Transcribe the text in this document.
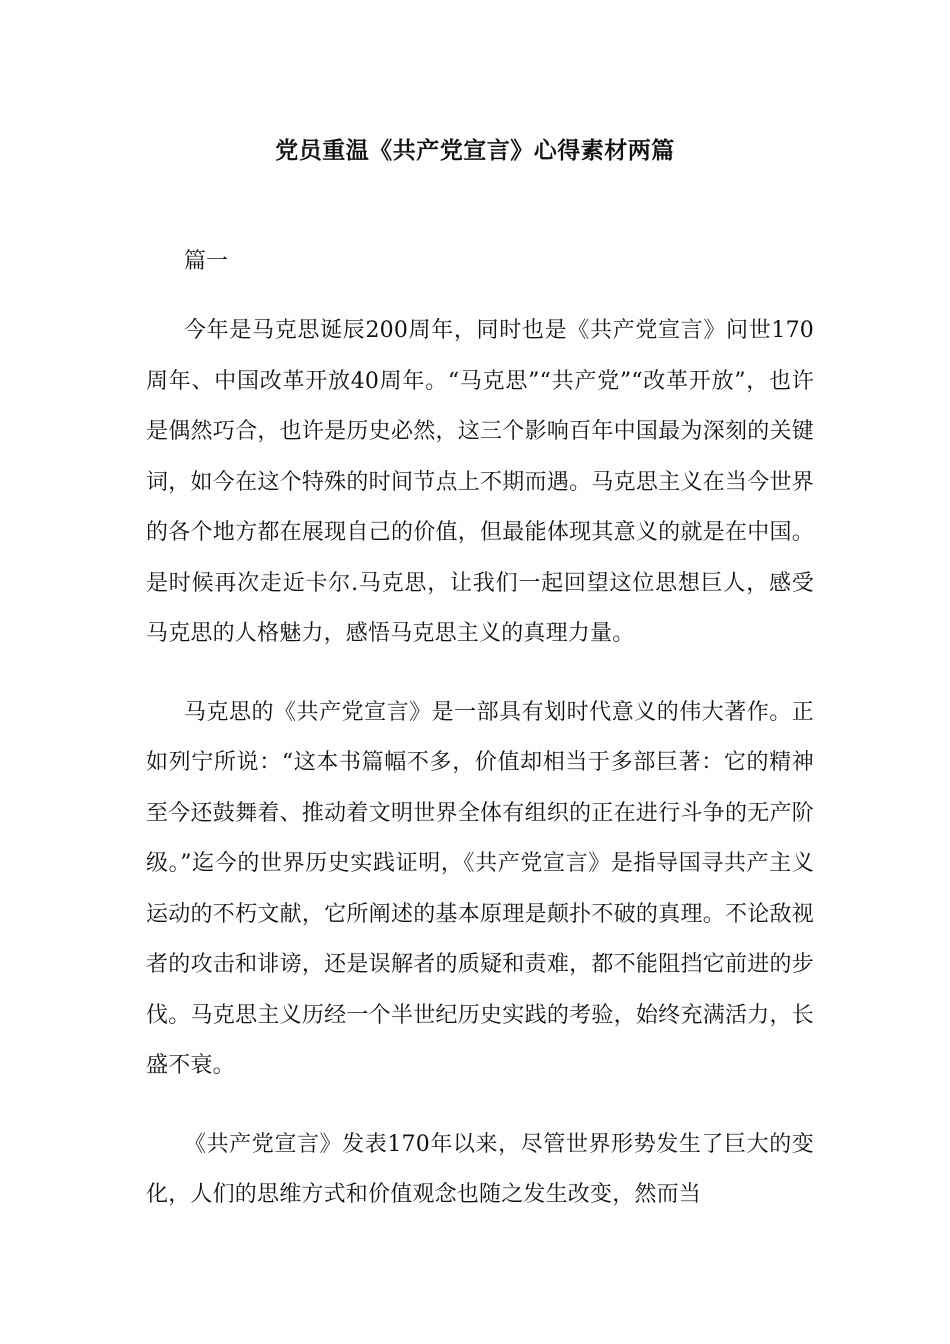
党员重温《共产党宣言》心得素材两篇

篇一

今年是马克思诞辰200周年，同时也是《共产党宣言》问世170周年、中国改革开放40周年。“马克思”“共产党”“改革开放”，也许是偶然巧合，也许是历史必然，这三个影响百年中国最为深刻的关键词，如今在这个特殊的时间节点上不期而遇。马克思主义在当今世界的各个地方都在展现自己的价值，但最能体现其意义的就是在中国。是时候再次走近卡尔.马克思，让我们一起回望这位思想巨人，感受马克思的人格魅力，感悟马克思主义的真理力量。

马克思的《共产党宣言》是一部具有划时代意义的伟大著作。正如列宁所说：“这本书篇幅不多，价值却相当于多部巨著：它的精神至今还鼓舞着、推动着文明世界全体有组织的正在进行斗争的无产阶级。”迄今的世界历史实践证明，《共产党宣言》是指导国寻共产主义运动的不朽文献，它所阐述的基本原理是颠扑不破的真理。不论敌视者的攻击和诽谤，还是误解者的质疑和责难，都不能阻挡它前进的步伐。马克思主义历经一个半世纪历史实践的考验，始终充满活力，长盛不衰。

《共产党宣言》发表170年以来，尽管世界形势发生了巨大的变化，人们的思维方式和价值观念也随之发生改变，然而当
